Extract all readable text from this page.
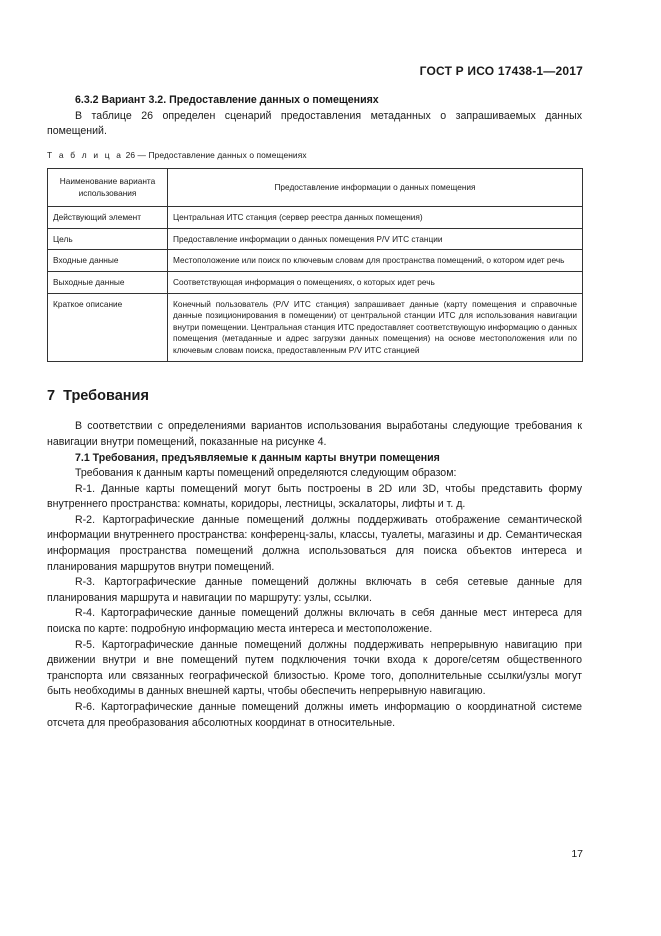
ГОСТ Р ИСО 17438-1—2017
6.3.2 Вариант 3.2. Предоставление данных о помещениях
В таблице 26 определен сценарий предоставления метаданных о запрашиваемых данных помещений.
Т а б л и ц а 26 — Предоставление данных о помещениях
Наименование варианта использования	Предоставление информации о данных помещения
Действующий элемент	Центральная ИТС станция (сервер реестра данных помещения)
Цель	Предоставление информации о данных помещения P/V ИТС станции
Входные данные	Местоположение или поиск по ключевым словам для пространства помещений, о котором идет речь
Выходные данные	Соответствующая информация о помещениях, о которых идет речь
Краткое описание	Конечный пользователь (P/V ИТС станция) запрашивает данные (карту помещения и справочные данные позиционирования в помещении) от центральной станции ИТС для использования навигации внутри помещении. Центральная станция ИТС предоставляет соответствующую информацию о данных помещения (метаданные и адрес загрузки данных помещения) на основе местоположения или по ключевым словам поиска, предоставленным P/V ИТС станцией
7 Требования
В соответствии с определениями вариантов использования выработаны следующие требования к навигации внутри помещений, показанные на рисунке 4.
7.1 Требования, предъявляемые к данным карты внутри помещения
Требования к данным карты помещений определяются следующим образом:
R-1. Данные карты помещений могут быть построены в 2D или 3D, чтобы представить форму внутреннего пространства: комнаты, коридоры, лестницы, эскалаторы, лифты и т. д.
R-2. Картографические данные помещений должны поддерживать отображение семантической информации внутреннего пространства: конференц-залы, классы, туалеты, магазины и др. Семантическая информация пространства помещений должна использоваться для поиска объектов интереса и планирования маршрутов внутри помещений.
R-3. Картографические данные помещений должны включать в себя сетевые данные для планирования маршрута и навигации по маршруту: узлы, ссылки.
R-4. Картографические данные помещений должны включать в себя данные мест интереса для поиска по карте: подробную информацию места интереса и местоположение.
R-5. Картографические данные помещений должны поддерживать непрерывную навигацию при движении внутри и вне помещений путем подключения точки входа к дороге/сетям общественного транспорта или связанных географической близостью. Кроме того, дополнительные ссылки/узлы могут быть необходимы в данных внешней карты, чтобы обеспечить непрерывную навигацию.
R-6. Картографические данные помещений должны иметь информацию о координатной системе отсчета для преобразования абсолютных координат в относительные.
17
